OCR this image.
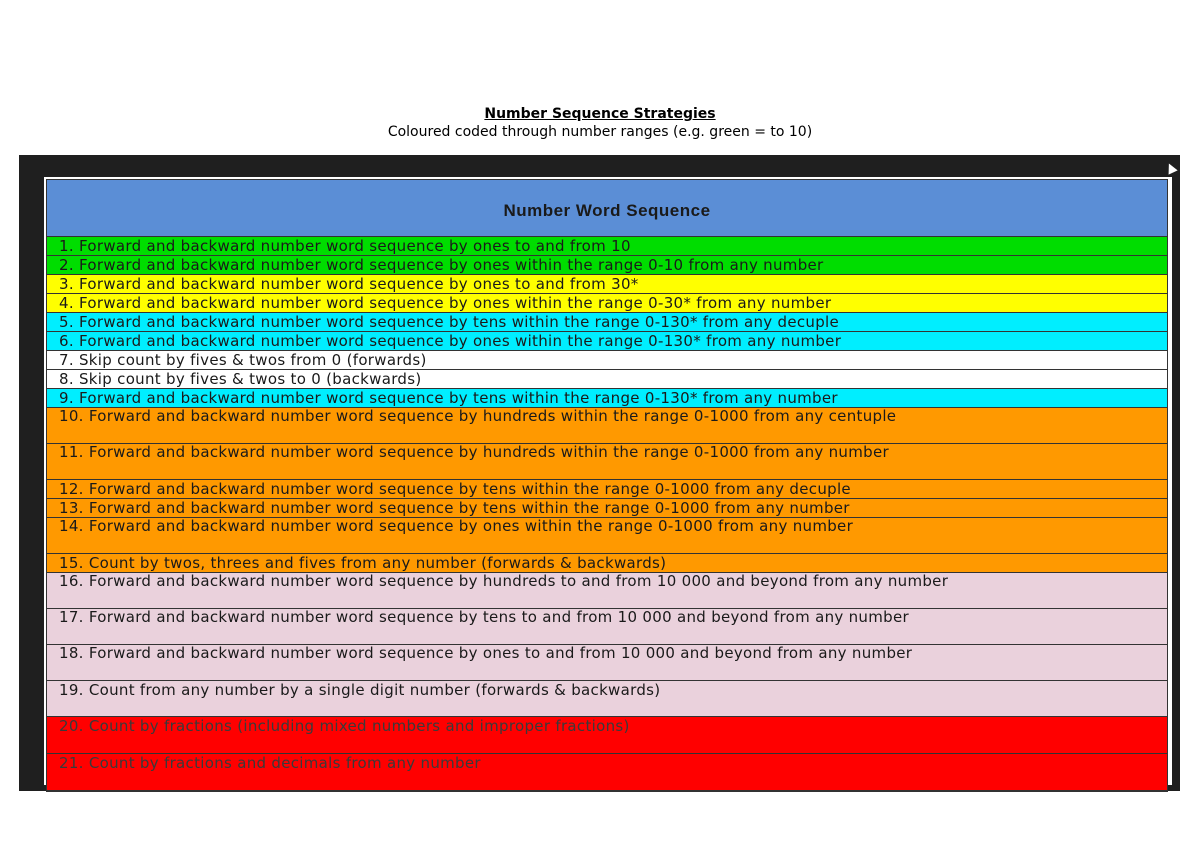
Number Sequence Strategies
Coloured coded through number ranges (e.g. green = to 10)
Number Word Sequence
1. Forward and backward number word sequence by ones to and from 10
2. Forward and backward number word sequence by ones within the range 0-10 from any number
3. Forward and backward number word sequence by ones to and from 30*
4. Forward and backward number word sequence by ones within the range 0-30* from any number
5. Forward and backward number word sequence by tens within the range 0-130* from any decuple
6. Forward and backward number word sequence by ones within the range 0-130* from any number
7. Skip count by fives & twos from 0 (forwards)
8. Skip count by fives & twos to 0 (backwards)
9. Forward and backward number word sequence by tens within the range 0-130* from any number
10. Forward and backward number word sequence by hundreds within the range 0-1000 from any centuple
11. Forward and backward number word sequence by hundreds within the range 0-1000 from any number
12. Forward and backward number word sequence by tens within the range 0-1000 from any decuple
13. Forward and backward number word sequence by tens within the range 0-1000 from any number
14. Forward and backward number word sequence by ones within the range 0-1000 from any number
15. Count by twos, threes and fives from any number (forwards & backwards)
16. Forward and backward number word sequence by hundreds to and from 10 000 and beyond from any number
17. Forward and backward number word sequence by tens to and from 10 000 and beyond from any number
18. Forward and backward number word sequence by ones to and from 10 000 and beyond from any number
19. Count from any number by a single digit number (forwards & backwards)
20. Count by fractions (including mixed numbers and improper fractions)
21. Count by fractions and decimals from any number
